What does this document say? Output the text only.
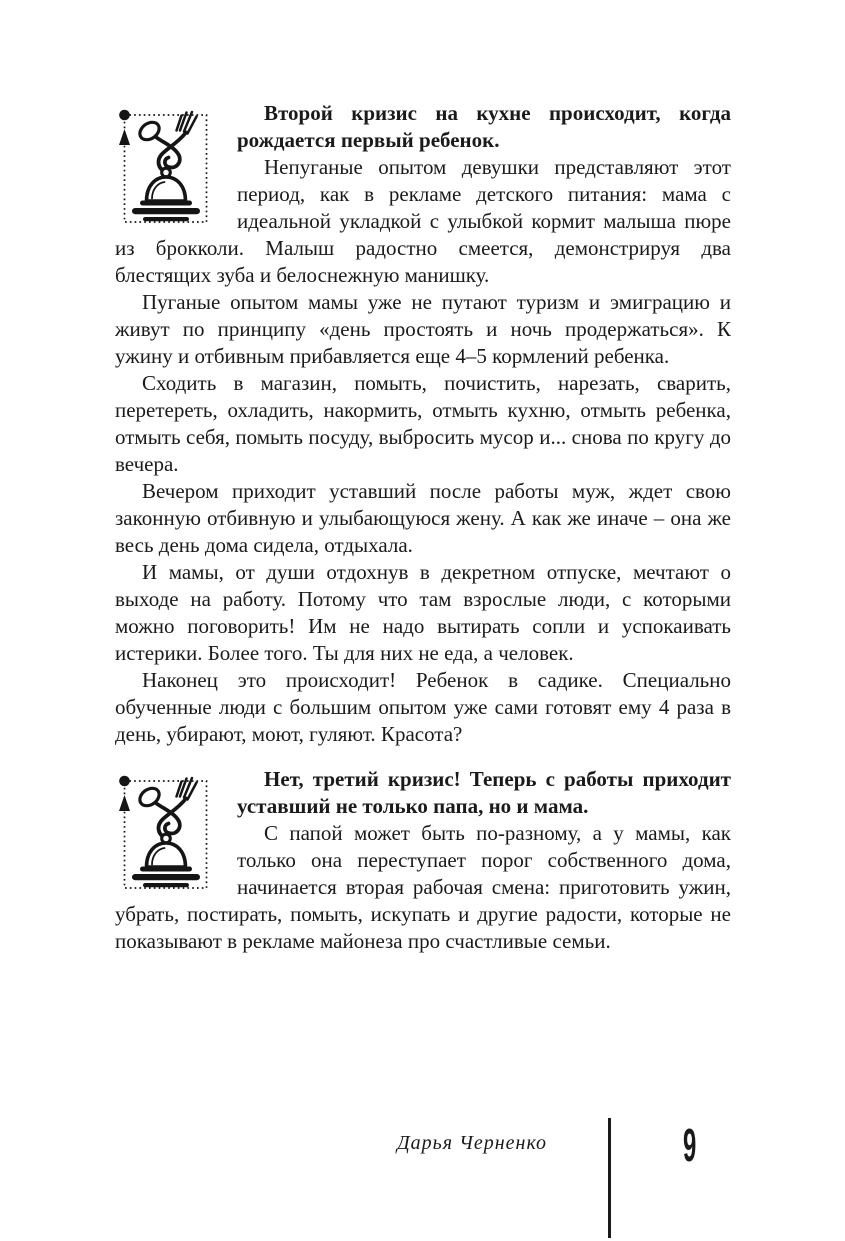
Второй кризис на кухне происходит, когда рождается первый ребенок.

Непуганые опытом девушки представляют этот период, как в рекламе детского питания: мама с идеальной укладкой с улыбкой кормит малыша пюре из брокколи. Малыш радостно смеется, демонстрируя два блестящих зуба и белоснежную манишку.

Пуганые опытом мамы уже не путают туризм и эмиграцию и живут по принципу «день простоять и ночь продержаться». К ужину и отбивным прибавляется еще 4–5 кормлений ребенка.

Сходить в магазин, помыть, почистить, нарезать, сварить, перетереть, охладить, накормить, отмыть кухню, отмыть ребенка, отмыть себя, помыть посуду, выбросить мусор и... снова по кругу до вечера.

Вечером приходит уставший после работы муж, ждет свою законную отбивную и улыбающуюся жену. А как же иначе – она же весь день дома сидела, отдыхала.

И мамы, от души отдохнув в декретном отпуске, мечтают о выходе на работу. Потому что там взрослые люди, с которыми можно поговорить! Им не надо вытирать сопли и успокаивать истерики. Более того. Ты для них не еда, а человек.

Наконец это происходит! Ребенок в садике. Специально обученные люди с большим опытом уже сами готовят ему 4 раза в день, убирают, моют, гуляют. Красота?

Нет, третий кризис! Теперь с работы приходит уставший не только папа, но и мама.

С папой может быть по-разному, а у мамы, как только она переступает порог собственного дома, начинается вторая рабочая смена: приготовить ужин, убрать, постирать, помыть, искупать и другие радости, которые не показывают в рекламе майонеза про счастливые семьи.

Дарья Черненко	9
